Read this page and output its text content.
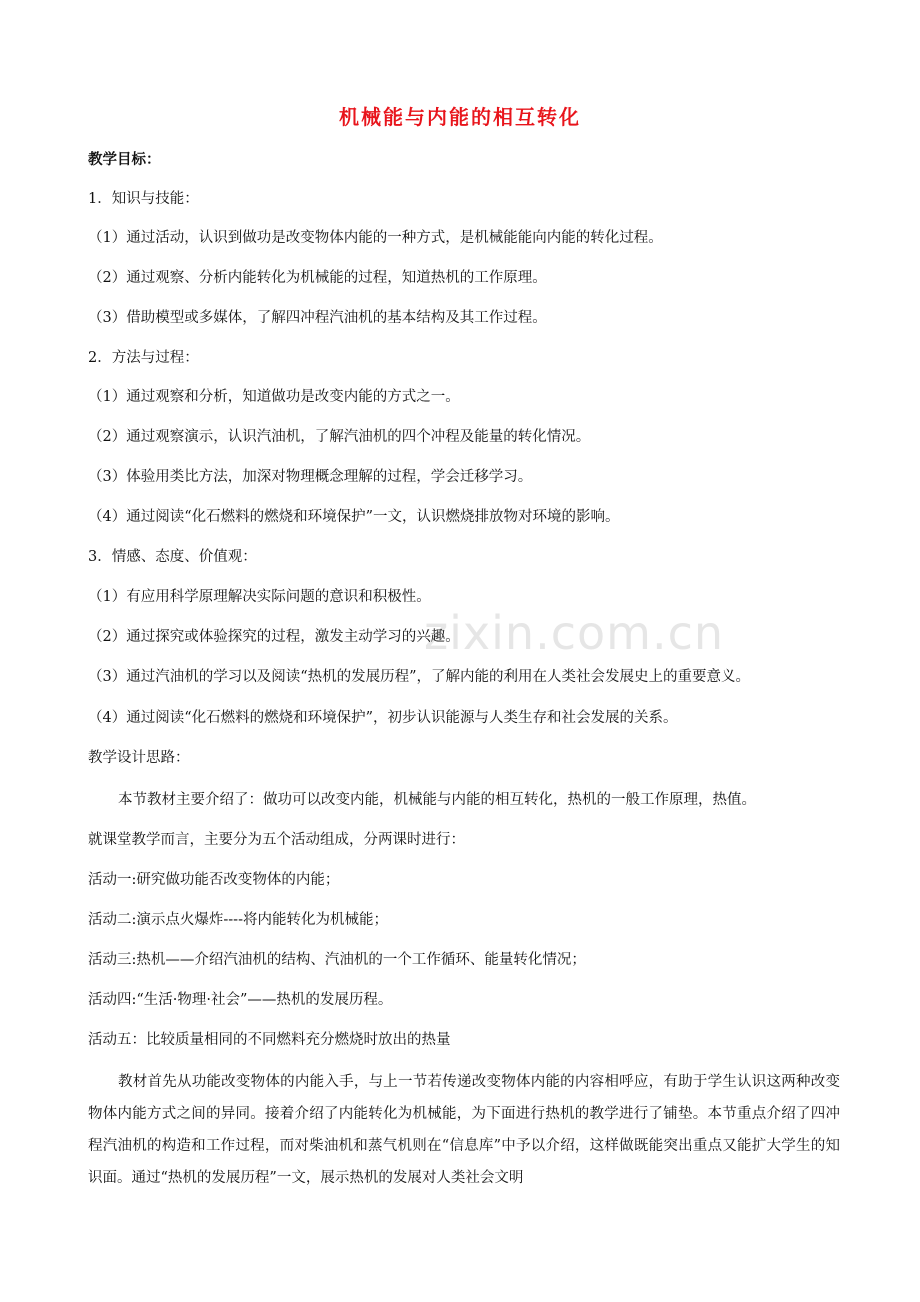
zixin.com.cn
机械能与内能的相互转化
教学目标：
1．知识与技能：
（1）通过活动，认识到做功是改变物体内能的一种方式，是机械能能向内能的转化过程。
（2）通过观察、分析内能转化为机械能的过程，知道热机的工作原理。
（3）借助模型或多媒体，了解四冲程汽油机的基本结构及其工作过程。
2．方法与过程：
（1）通过观察和分析，知道做功是改变内能的方式之一。
（2）通过观察演示，认识汽油机，了解汽油机的四个冲程及能量的转化情况。
（3）体验用类比方法，加深对物理概念理解的过程，学会迁移学习。
（4）通过阅读“化石燃料的燃烧和环境保护”一文，认识燃烧排放物对环境的影响。
3．情感、态度、价值观：
（1）有应用科学原理解决实际问题的意识和积极性。
（2）通过探究或体验探究的过程，激发主动学习的兴趣。
（3）通过汽油机的学习以及阅读“热机的发展历程”，了解内能的利用在人类社会发展史上的重要意义。
（4）通过阅读“化石燃料的燃烧和环境保护”，初步认识能源与人类生存和社会发展的关系。
教学设计思路：
本节教材主要介绍了：做功可以改变内能，机械能与内能的相互转化，热机的一般工作原理，热值。
就课堂教学而言，主要分为五个活动组成，分两课时进行：
活动一:研究做功能否改变物体的内能；
活动二:演示点火爆炸----将内能转化为机械能；
活动三:热机——介绍汽油机的结构、汽油机的一个工作循环、能量转化情况；
活动四:“生活·物理·社会”——热机的发展历程。
活动五：比较质量相同的不同燃料充分燃烧时放出的热量
教材首先从功能改变物体的内能入手，与上一节若传递改变物体内能的内容相呼应，有助于学生认识这两种改变物体内能方式之间的异同。接着介绍了内能转化为机械能，为下面进行热机的教学进行了铺垫。本节重点介绍了四冲程汽油机的构造和工作过程，而对柴油机和蒸气机则在“信息库”中予以介绍，这样做既能突出重点又能扩大学生的知识面。通过“热机的发展历程”一文，展示热机的发展对人类社会文明
